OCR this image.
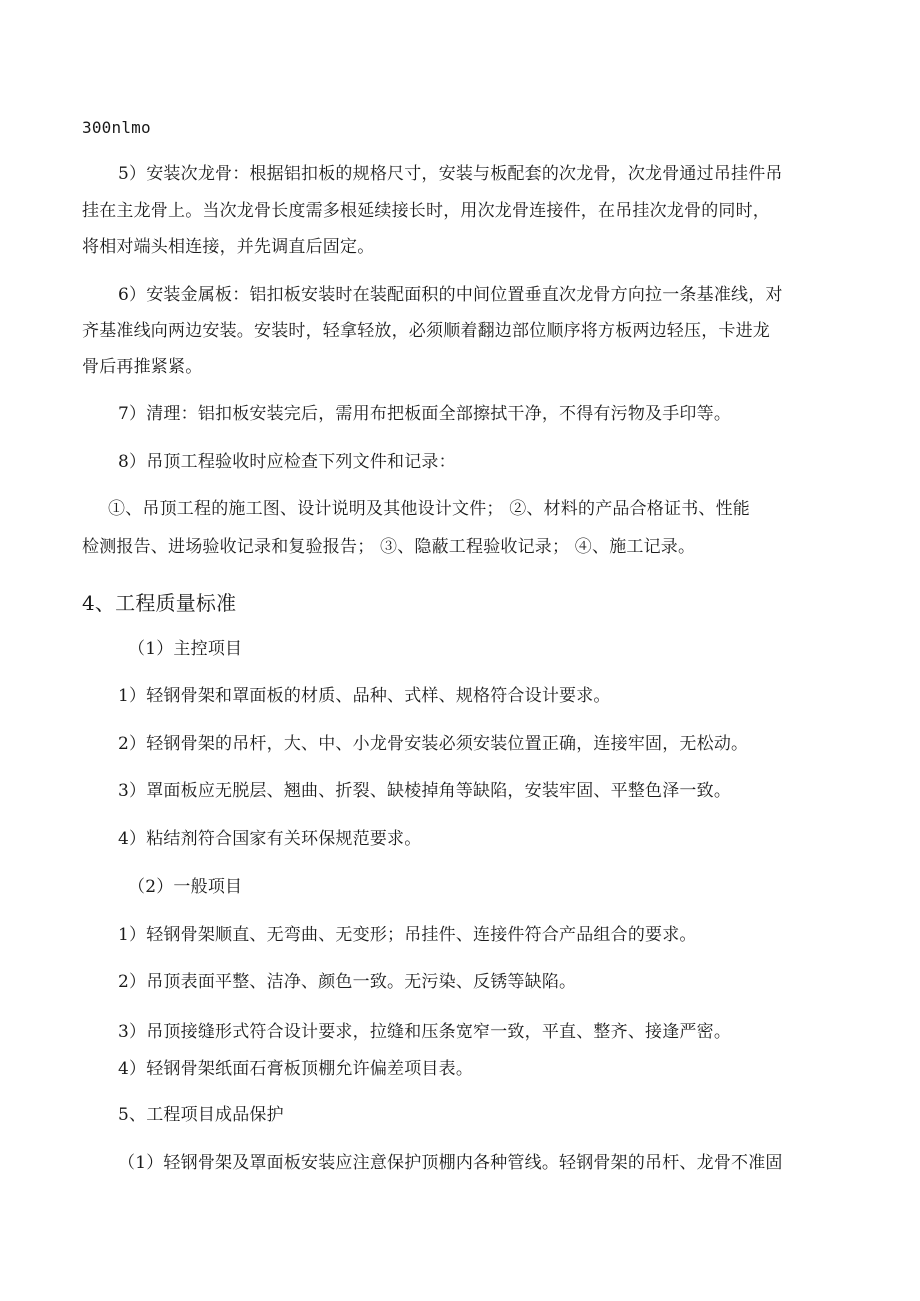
300nlmo
5）安装次龙骨：根据铝扣板的规格尺寸，安装与板配套的次龙骨，次龙骨通过吊挂件吊
挂在主龙骨上。当次龙骨长度需多根延续接长时，用次龙骨连接件，在吊挂次龙骨的同时，
将相对端头相连接，并先调直后固定。
6）安装金属板：铝扣板安装时在装配面积的中间位置垂直次龙骨方向拉一条基准线，对
齐基准线向两边安装。安装时，轻拿轻放，必须顺着翻边部位顺序将方板两边轻压，卡进龙
骨后再推紧紧。
7）清理：铝扣板安装完后，需用布把板面全部擦拭干净，不得有污物及手印等。
8）吊顶工程验收时应检查下列文件和记录：
①、吊顶工程的施工图、设计说明及其他设计文件； ②、材料的产品合格证书、性能
检测报告、进场验收记录和复验报告； ③、隐蔽工程验收记录； ④、施工记录。
4、工程质量标准
（1）主控项目
1）轻钢骨架和罩面板的材质、品种、式样、规格符合设计要求。
2）轻钢骨架的吊杆，大、中、小龙骨安装必须安装位置正确，连接牢固，无松动。
3）罩面板应无脱层、翘曲、折裂、缺棱掉角等缺陷，安装牢固、平整色泽一致。
4）粘结剂符合国家有关环保规范要求。
（2）一般项目
1）轻钢骨架顺直、无弯曲、无变形；吊挂件、连接件符合产品组合的要求。
2）吊顶表面平整、洁净、颜色一致。无污染、反锈等缺陷。
3）吊顶接缝形式符合设计要求，拉缝和压条宽窄一致，平直、整齐、接逢严密。
4）轻钢骨架纸面石膏板顶棚允许偏差项目表。
5、工程项目成品保护
（1）轻钢骨架及罩面板安装应注意保护顶棚内各种管线。轻钢骨架的吊杆、龙骨不准固
